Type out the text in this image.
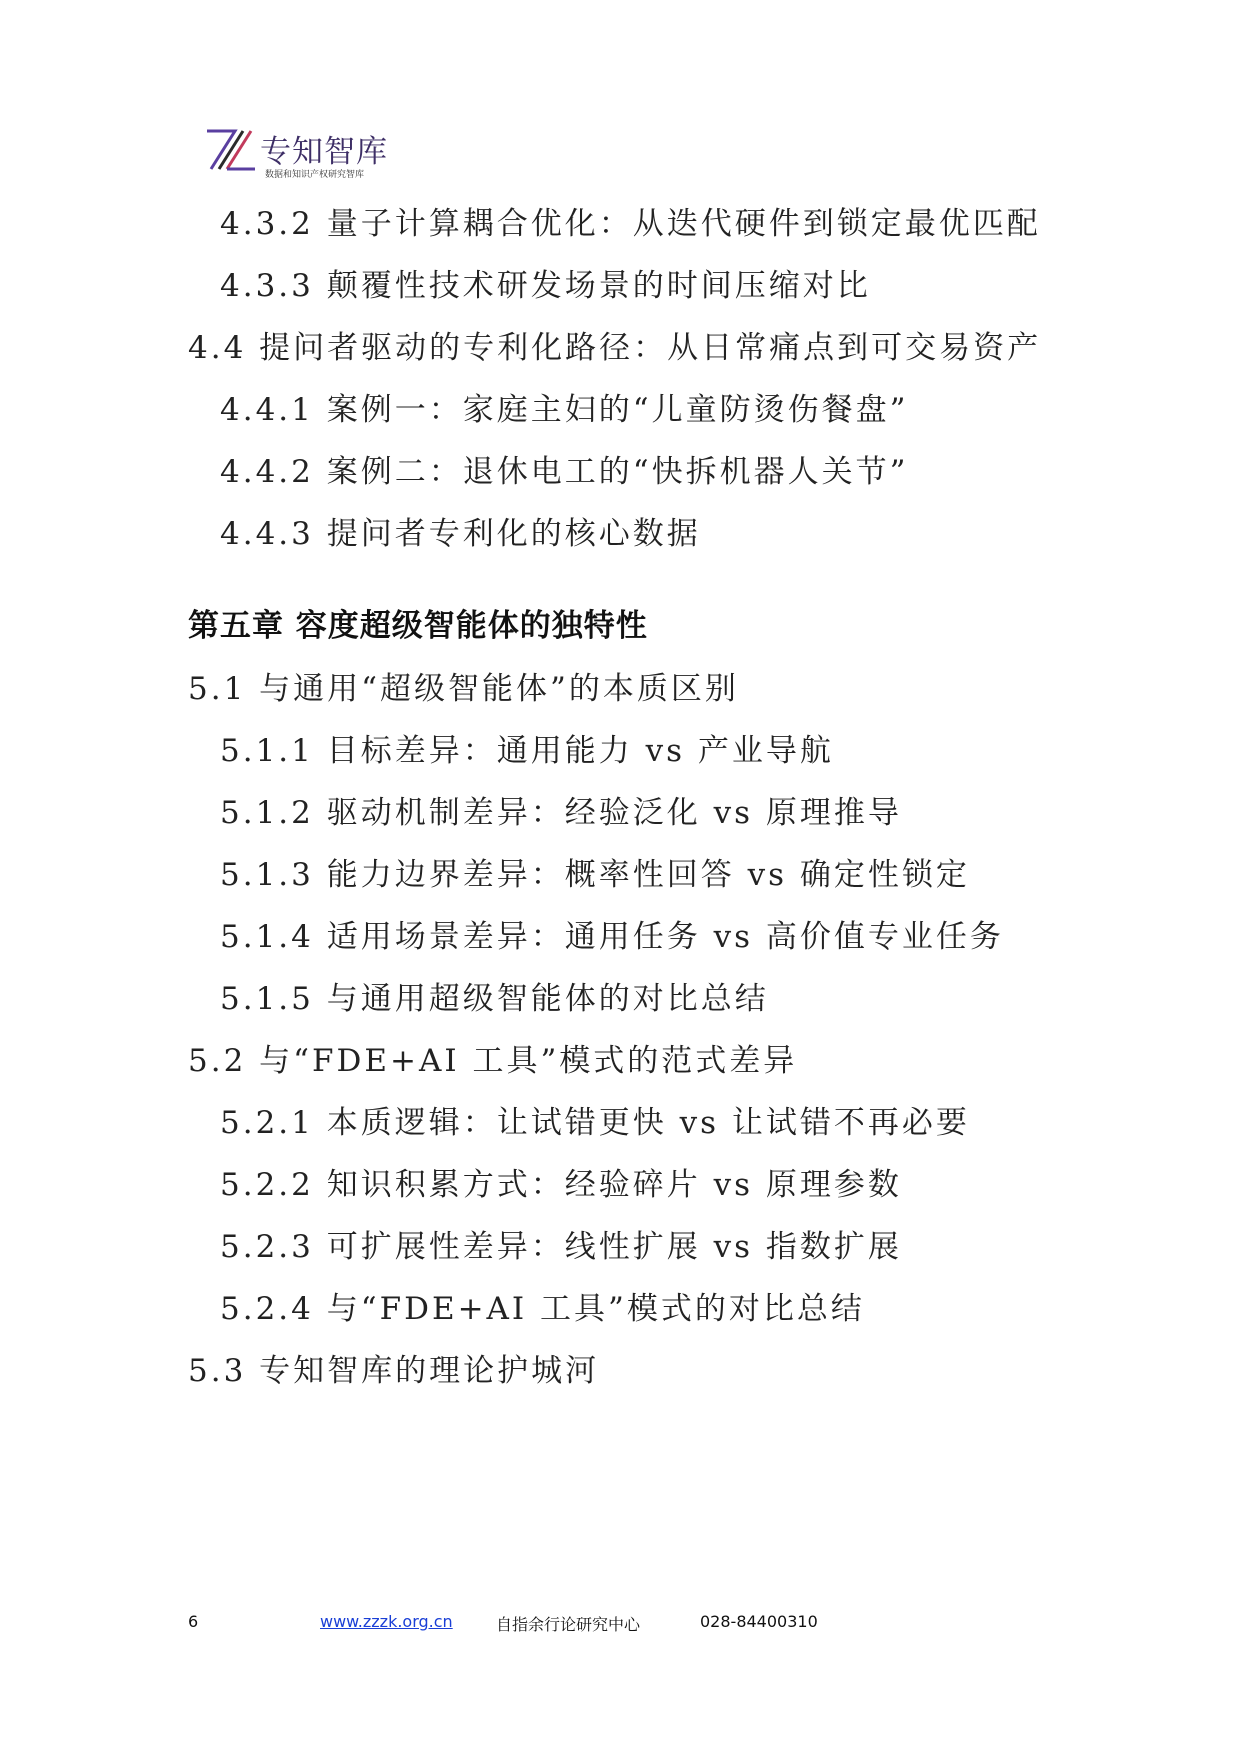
专知智库
数据和知识产权研究智库
4.3.2 量子计算耦合优化：从迭代硬件到锁定最优匹配
4.3.3 颠覆性技术研发场景的时间压缩对比
4.4 提问者驱动的专利化路径：从日常痛点到可交易资产
4.4.1 案例一：家庭主妇的“儿童防烫伤餐盘”
4.4.2 案例二：退休电工的“快拆机器人关节”
4.4.3 提问者专利化的核心数据
第五章 容度超级智能体的独特性
5.1 与通用“超级智能体”的本质区别
5.1.1 目标差异：通用能力 vs 产业导航
5.1.2 驱动机制差异：经验泛化 vs 原理推导
5.1.3 能力边界差异：概率性回答 vs 确定性锁定
5.1.4 适用场景差异：通用任务 vs 高价值专业任务
5.1.5 与通用超级智能体的对比总结
5.2 与“FDE+AI 工具”模式的范式差异
5.2.1 本质逻辑：让试错更快 vs 让试错不再必要
5.2.2 知识积累方式：经验碎片 vs 原理参数
5.2.3 可扩展性差异：线性扩展 vs 指数扩展
5.2.4 与“FDE+AI 工具”模式的对比总结
5.3 专知智库的理论护城河
6	www.zzzk.org.cn	自指余行论研究中心	028-84400310
